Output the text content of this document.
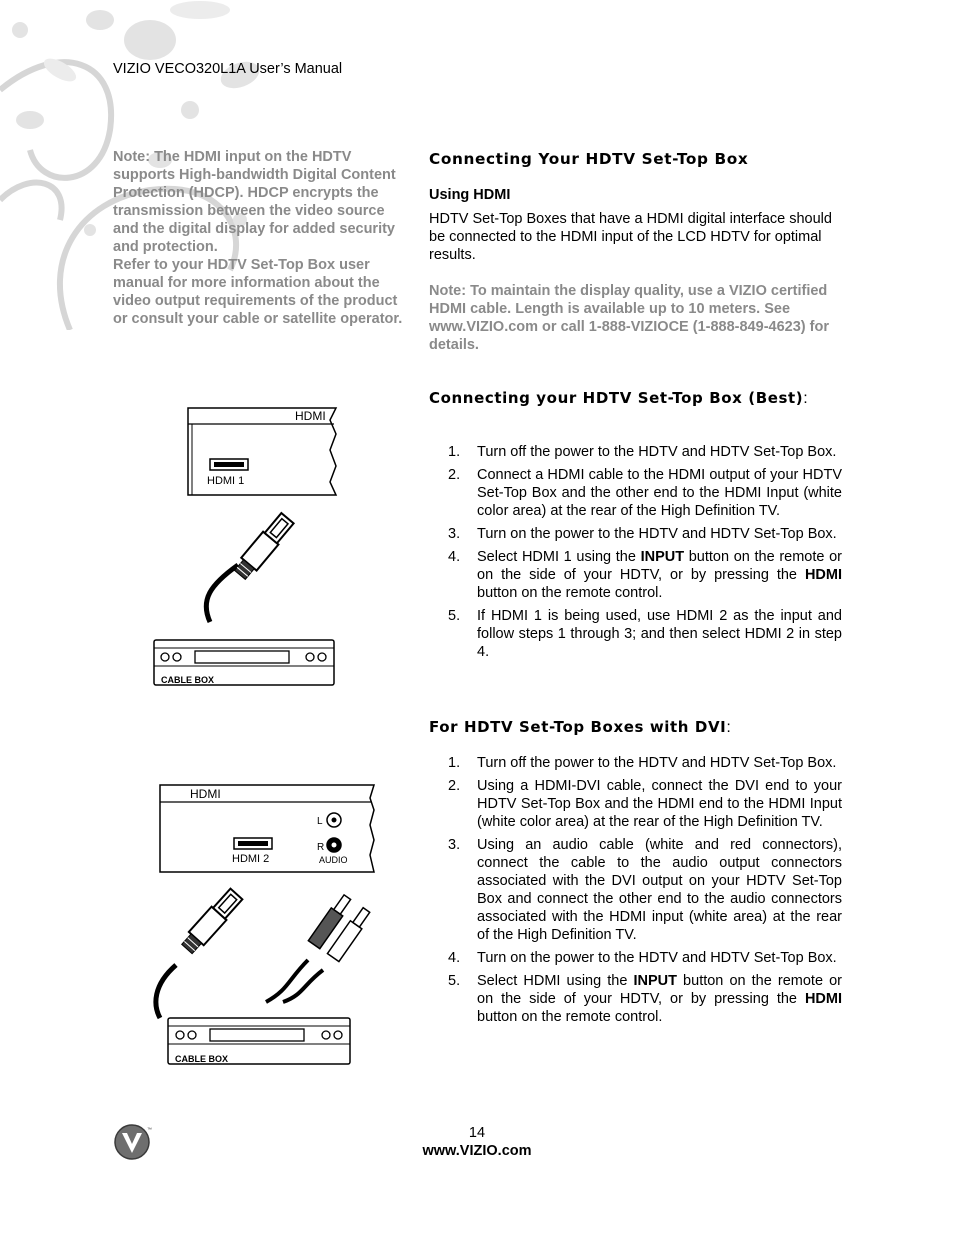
VIZIO VECO320L1A User’s Manual

Note: The HDMI input on the HDTV supports High-bandwidth Digital Content Protection (HDCP). HDCP encrypts the transmission between the video source and the digital display for added security and protection.

Refer to your HDTV Set-Top Box user manual for more information about the video output requirements of the product or consult your cable or satellite operator.

Connecting Your HDTV Set-Top Box
Using HDMI
HDTV Set-Top Boxes that have a HDMI digital interface should be connected to the HDMI input of the LCD HDTV for optimal results.
Note: To maintain the display quality, use a VIZIO certified HDMI cable. Length is available up to 10 meters. See www.VIZIO.com or call 1-888-VIZIOCE (1-888-849-4623) for details.
Connecting your HDTV Set-Top Box (Best):
1. Turn off the power to the HDTV and HDTV Set-Top Box.
2. Connect a HDMI cable to the HDMI output of your HDTV Set-Top Box and the other end to the HDMI Input (white color area) at the rear of the High Definition TV.
3. Turn on the power to the HDTV and HDTV Set-Top Box.
4. Select HDMI 1 using the INPUT button on the remote or on the side of your HDTV, or by pressing the HDMI button on the remote control.
5. If HDMI 1 is being used, use HDMI 2 as the input and follow steps 1 through 3; and then select HDMI 2 in step 4.
For HDTV Set-Top Boxes with DVI:
1. Turn off the power to the HDTV and HDTV Set-Top Box.
2. Using a HDMI-DVI cable, connect the DVI end to your HDTV Set-Top Box and the HDMI end to the HDMI Input (white color area) at the rear of the High Definition TV.
3. Using an audio cable (white and red connectors), connect the cable to the audio output connectors associated with the DVI output on your HDTV Set-Top Box and connect the other end to the audio connectors associated with the HDMI input (white area) at the rear of the High Definition TV.
4. Turn on the power to the HDTV and HDTV Set-Top Box.
5. Select HDMI using the INPUT button on the remote or on the side of your HDTV, or by pressing the HDMI button on the remote control.
HDMI
HDMI 1
CABLE BOX
HDMI
HDMI 2
L
R
AUDIO
CABLE BOX
™	14
www.VIZIO.com
